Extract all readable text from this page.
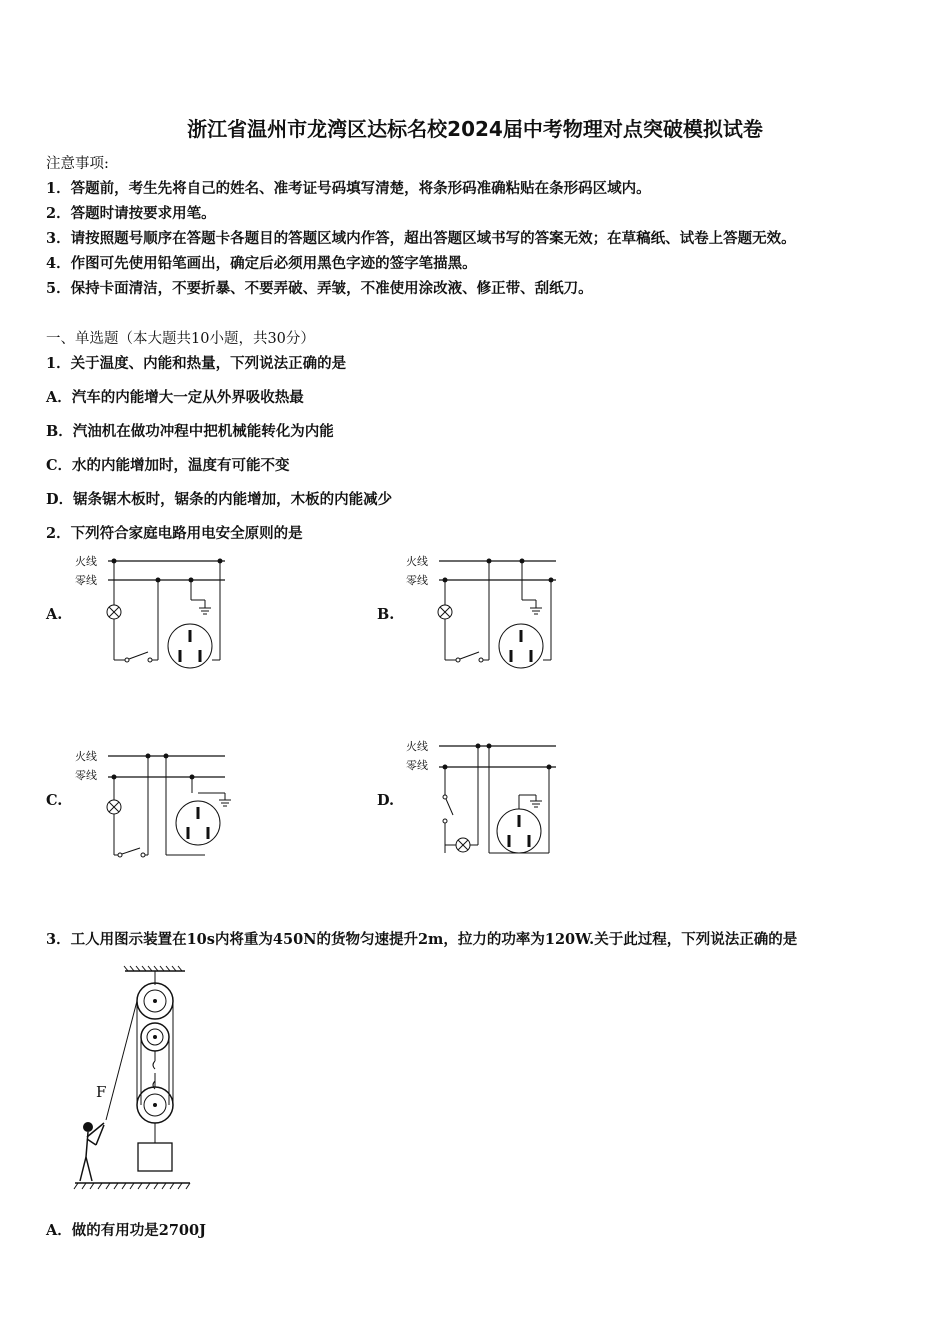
浙江省温州市龙湾区达标名校2024届中考物理对点突破模拟试卷
注意事项:
1．答题前，考生先将自己的姓名、准考证号码填写清楚，将条形码准确粘贴在条形码区域内。
2．答题时请按要求用笔。
3．请按照题号顺序在答题卡各题目的答题区域内作答，超出答题区域书写的答案无效；在草稿纸、试卷上答题无效。
4．作图可先使用铅笔画出，确定后必须用黑色字迹的签字笔描黑。
5．保持卡面清洁，不要折暴、不要弄破、弄皱，不准使用涂改液、修正带、刮纸刀。
一、单选题（本大题共10小题，共30分）
1．关于温度、内能和热量，下列说法正确的是
A．汽车的内能增大一定从外界吸收热最
B．汽油机在做功冲程中把机械能转化为内能
C．水的内能增加时，温度有可能不变
D．锯条锯木板时，锯条的内能增加，木板的内能减少
2．下列符合家庭电路用电安全原则的是
A.	B.
C.	D.
火线
零线
火线
零线
火线
零线
火线
零线
3．工人用图示装置在10s内将重为450N的货物匀速提升2m，拉力的功率为120W.关于此过程，下列说法正确的是
F
A．做的有用功是2700J
